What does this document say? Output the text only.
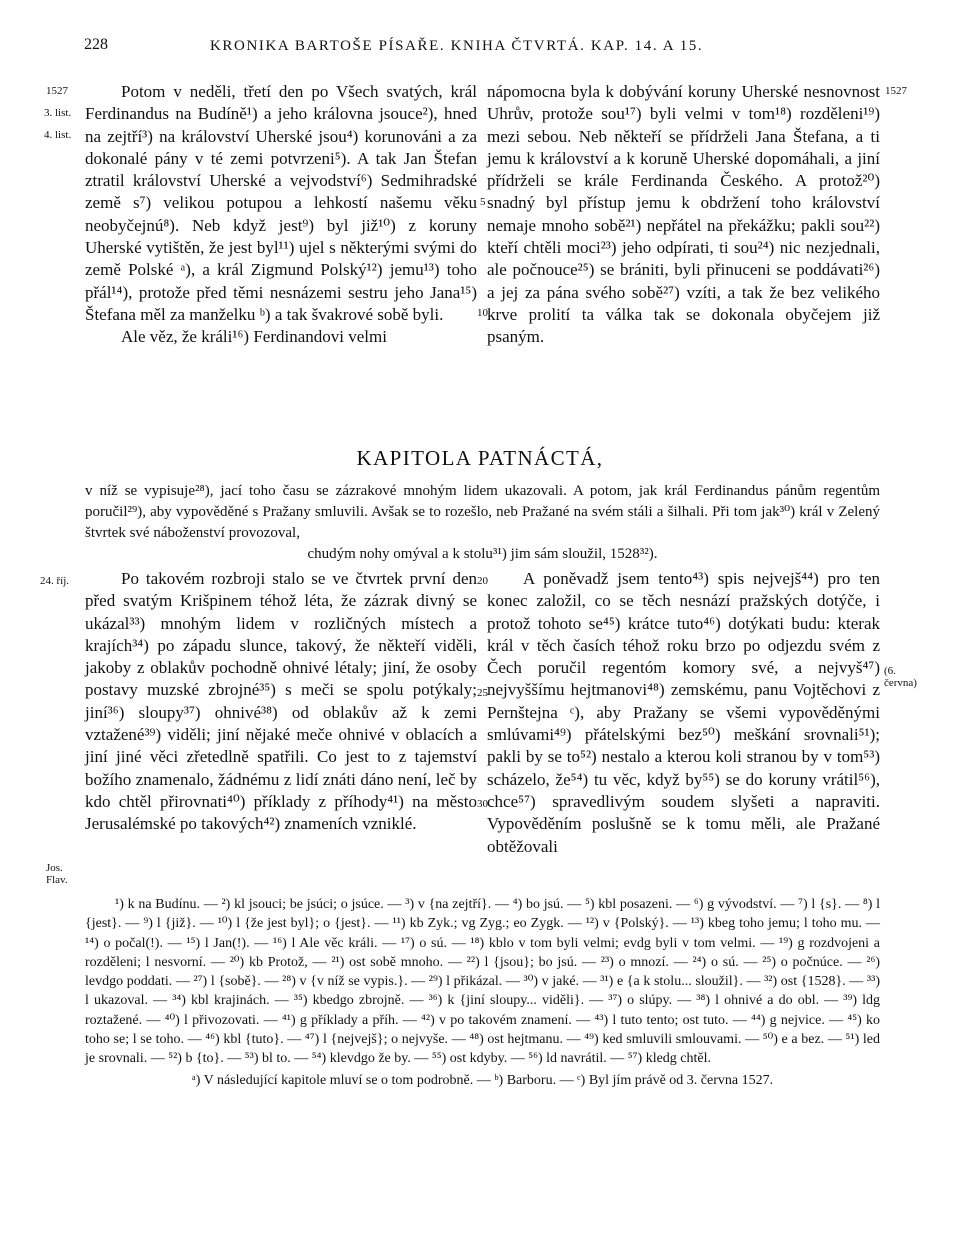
228	KRONIKA BARTOŠE PÍSAŘE. KNIHA ČTVRTÁ. KAP. 14. A 15.
1527
3. list.
4. list.
1527
5
10
20
25
30
24. říj.
(6. června)
Jos. Flav.

Potom v neděli, třetí den po Všech svatých, král Ferdinandus na Budíně¹) a jeho královna jsouce²), hned na zejtří³) na království Uherské jsou⁴) korunováni a za dokonalé pány v té zemi potvrzeni⁵). A tak Jan Štefan ztratil království Uherské a vejvodství⁶) Sedmihradské země s⁷) velikou potupou a lehkostí našemu věku neobyčejnú⁸). Neb když jest⁹) byl již¹⁰) z koruny Uherské vytištěn, že jest byl¹¹) ujel s některými svými do země Polské ᵃ), a král Zigmund Polský¹²) jemu¹³) toho přál¹⁴), protože před těmi nesnázemi sestru jeho Jana¹⁵) Štefana měl za manželku ᵇ) a tak švakrové sobě byli.

Ale věz, že králi¹⁶) Ferdinandovi velmi

nápomocna byla k dobývání koruny Uherské nesnovnost Uhrův, protože sou¹⁷) byli velmi v tom¹⁸) rozděleni¹⁹) mezi sebou. Neb někteří se přídrželi Jana Štefana, a ti jemu k království a k koruně Uherské dopomáhali, a jiní přídrželi se krále Ferdinanda Českého. A protož²⁰) snadný byl přístup jemu k obdržení toho království nemaje mnoho sobě²¹) nepřátel na překážku; pakli sou²²) kteří chtěli moci²³) jeho odpírati, ti sou²⁴) nic nezjednali, ale počnouce²⁵) se brániti, byli přinuceni se poddávati²⁶) a jej za pána svého sobě²⁷) vzíti, a tak že bez velikého krve prolití ta válka tak se dokonala obyčejem již psaným.

KAPITOLA PATNÁCTÁ,
v níž se vypisuje²⁸), jací toho času se zázrakové mnohým lidem ukazovali. A potom, jak král Ferdinandus pánům regentům poručil²⁹), aby vypověděné s Pražany smluvili. Avšak se to rozešlo, neb Pražané na svém stáli a šilhali. Při tom jak³⁰) král v Zelený štvrtek své náboženství provozoval,
chudým nohy omýval a k stolu³¹) jim sám sloužil, 1528³²).

Po takovém rozbroji stalo se ve čtvrtek první den před svatým Krišpinem téhož léta, že zázrak divný se ukázal³³) mnohým lidem v rozličných místech a krajích³⁴) po západu slunce, takový, že někteří viděli, jakoby z oblakův pochodně ohnivé létaly; jiní, že osoby postavy muzské zbrojné³⁵) s meči se spolu potýkaly; jiní³⁶) sloupy³⁷) ohnivé³⁸) od oblakův až k zemi vztažené³⁹) viděli; jiní nějaké meče ohnivé v oblacích a jiní jiné věci zřetedlně spatřili. Co jest to z tajemství božího znamenalo, žádnému z lidí znáti dáno není, leč by kdo chtěl přirovnati⁴⁰) příklady z příhody⁴¹) na město Jerusalémské po takových⁴²) znameních vzniklé.

A poněvadž jsem tento⁴³) spis nejvejš⁴⁴) pro ten konec založil, co se těch nesnází pražských dotýče, i protož tohoto se⁴⁵) krátce tuto⁴⁶) dotýkati budu: kterak král v těch časích téhož roku brzo po odjezdu svém z Čech poručil regentóm komory své, a nejvyš⁴⁷) nejvyššímu hejtmanovi⁴⁸) zemskému, panu Vojtěchovi z Pernštejna ᶜ), aby Pražany se všemi vypověděnými smlúvami⁴⁹) přátelskými bez⁵⁰) meškání srovnali⁵¹); pakli by se to⁵²) nestalo a kterou koli stranou by v tom⁵³) scházelo, že⁵⁴) tu věc, když by⁵⁵) se do koruny vrátil⁵⁶), chce⁵⁷) spravedlivým soudem slyšeti a napraviti. Vypověděním poslušně se k tomu měli, ale Pražané obtěžovali

¹) k na Budínu. — ²) kl jsouci; be jsúci; o jsúce. — ³) v {na zejtří}. — ⁴) bo jsú. — ⁵) kbl posazeni. — ⁶) g vývodství. — ⁷) l {s}. — ⁸) l {jest}. — ⁹) l {již}. — ¹⁰) l {že jest byl}; o {jest}. — ¹¹) kb Zyk.; vg Zyg.; eo Zygk. — ¹²) v {Polský}. — ¹³) kbeg toho jemu; l toho mu. — ¹⁴) o počal(!). — ¹⁵) l Jan(!). — ¹⁶) l Ale věc králi. — ¹⁷) o sú. — ¹⁸) kblo v tom byli velmi; evdg byli v tom velmi. — ¹⁹) g rozdvojeni a rozděleni; l nesvorní. — ²⁰) kb Protož, — ²¹) ost sobě mnoho. — ²²) l {jsou}; bo jsú. — ²³) o mnozí. — ²⁴) o sú. — ²⁵) o počnúce. — ²⁶) levdgo poddati. — ²⁷) l {sobě}. — ²⁸) v {v níž se vypis.}. — ²⁹) l přikázal. — ³⁰) v jaké. — ³¹) e {a k stolu... sloužil}. — ³²) ost {1528}. — ³³) l ukazoval. — ³⁴) kbl krajinách. — ³⁵) kbedgo zbrojně. — ³⁶) k {jiní sloupy... viděli}. — ³⁷) o slúpy. — ³⁸) l ohnivé a do obl. — ³⁹) ldg roztažené. — ⁴⁰) l přivozovati. — ⁴¹) g příklady a příh. — ⁴²) v po takovém znamení. — ⁴³) l tuto tento; ost tuto. — ⁴⁴) g nejvice. — ⁴⁵) ko toho se; l se toho. — ⁴⁶) kbl {tuto}. — ⁴⁷) l {nejvejš}; o nejvyše. — ⁴⁸) ost hejtmanu. — ⁴⁹) ked smluvili smlouvami. — ⁵⁰) e a bez. — ⁵¹) led je srovnali. — ⁵²) b {to}. — ⁵³) bl to. — ⁵⁴) klevdgo že by. — ⁵⁵) ost kdyby. — ⁵⁶) ld navrátil. — ⁵⁷) kledg chtěl.

ᵃ) V následující kapitole mluví se o tom podrobně. — ᵇ) Barboru. — ᶜ) Byl jím právě od 3. června 1527.
